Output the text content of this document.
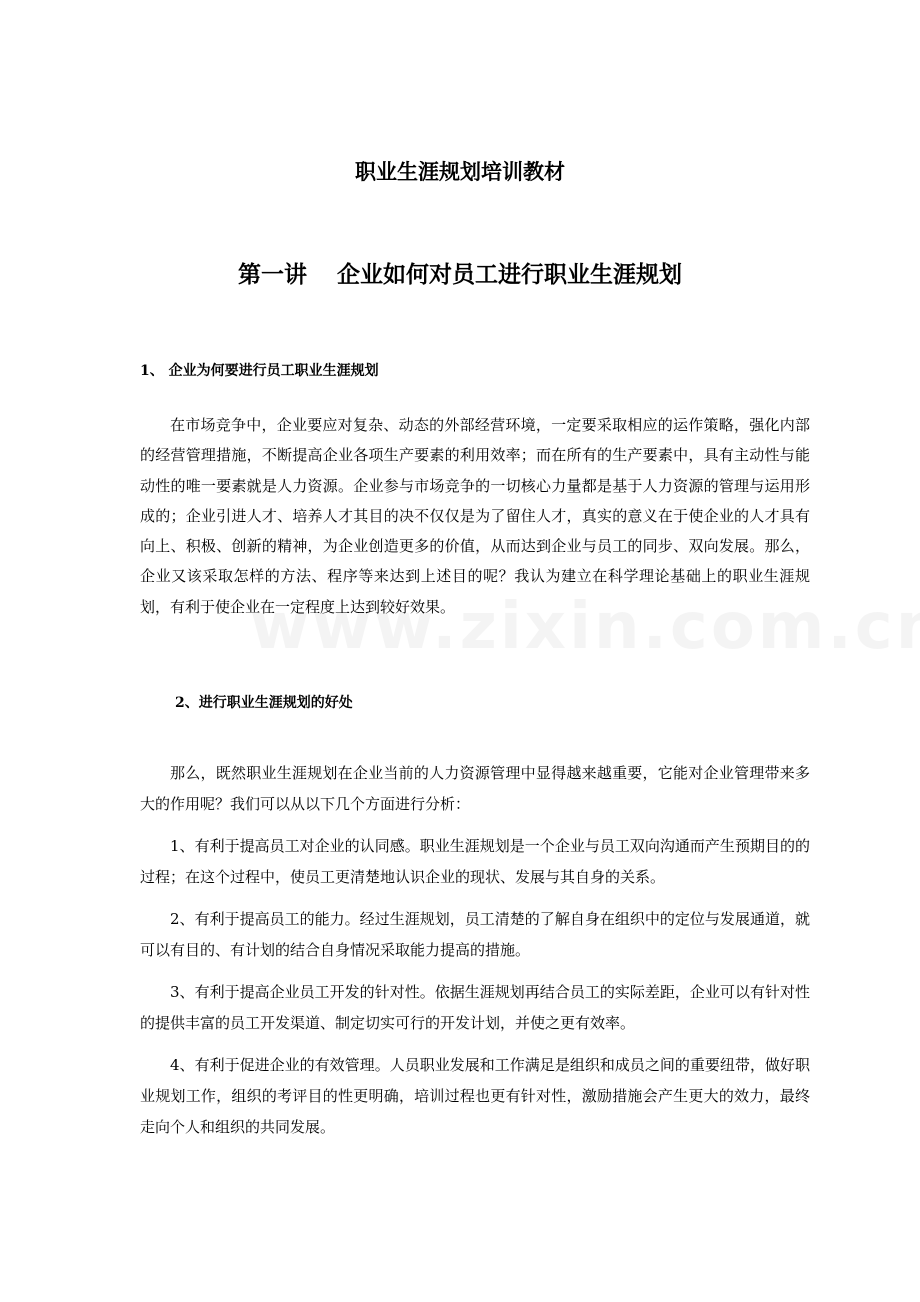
职业生涯规划培训教材
第一讲 企业如何对员工进行职业生涯规划
1、 企业为何要进行员工职业生涯规划

在市场竞争中，企业要应对复杂、动态的外部经营环境，一定要采取相应的运作策略，强化内部的经营管理措施，不断提高企业各项生产要素的利用效率；而在所有的生产要素中，具有主动性与能动性的唯一要素就是人力资源。企业参与市场竞争的一切核心力量都是基于人力资源的管理与运用形成的；企业引进人才、培养人才其目的决不仅仅是为了留住人才，真实的意义在于使企业的人才具有向上、积极、创新的精神，为企业创造更多的价值，从而达到企业与员工的同步、双向发展。那么，企业又该采取怎样的方法、程序等来达到上述目的呢？我认为建立在科学理论基础上的职业生涯规划，有利于使企业在一定程度上达到较好效果。

2、进行职业生涯规划的好处

那么，既然职业生涯规划在企业当前的人力资源管理中显得越来越重要，它能对企业管理带来多大的作用呢？我们可以从以下几个方面进行分析：

1、有利于提高员工对企业的认同感。职业生涯规划是一个企业与员工双向沟通而产生预期目的的过程；在这个过程中，使员工更清楚地认识企业的现状、发展与其自身的关系。

2、有利于提高员工的能力。经过生涯规划，员工清楚的了解自身在组织中的定位与发展通道，就可以有目的、有计划的结合自身情况采取能力提高的措施。

3、有利于提高企业员工开发的针对性。依据生涯规划再结合员工的实际差距，企业可以有针对性的提供丰富的员工开发渠道、制定切实可行的开发计划，并使之更有效率。

4、有利于促进企业的有效管理。人员职业发展和工作满足是组织和成员之间的重要纽带，做好职业规划工作，组织的考评目的性更明确，培训过程也更有针对性，激励措施会产生更大的效力，最终走向个人和组织的共同发展。
